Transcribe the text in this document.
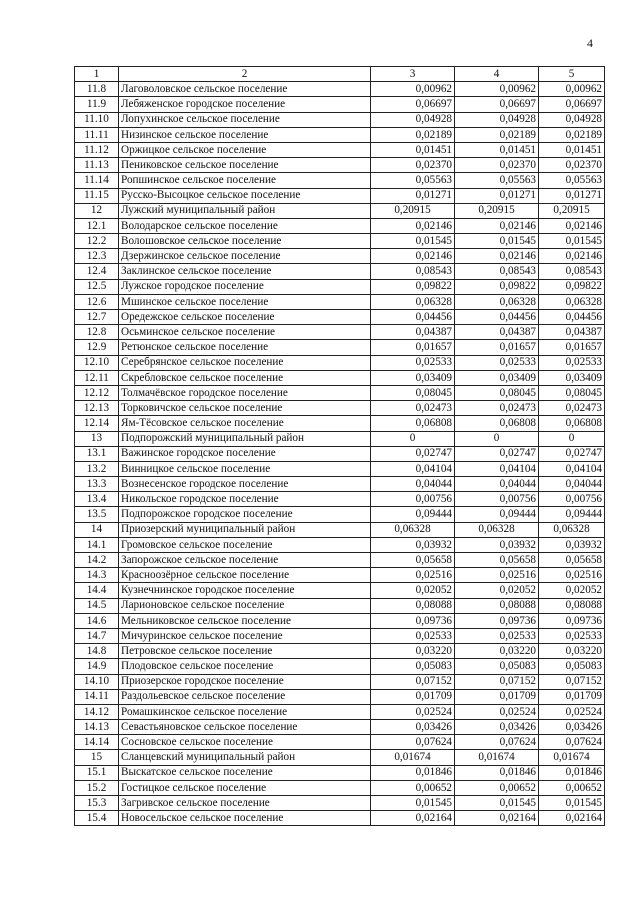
4
1	2	3	4	5
11.8	Лаговоловское сельское поселение	0,00962	0,00962	0,00962
11.9	Лебяженское городское поселение	0,06697	0,06697	0,06697
11.10	Лопухинское сельское поселение	0,04928	0,04928	0,04928
11.11	Низинское сельское поселение	0,02189	0,02189	0,02189
11.12	Оржицкое сельское поселение	0,01451	0,01451	0,01451
11.13	Пениковское сельское поселение	0,02370	0,02370	0,02370
11.14	Ропшинское сельское поселение	0,05563	0,05563	0,05563
11.15	Русско-Высоцкое сельское поселение	0,01271	0,01271	0,01271
12	Лужский муниципальный район	0,20915	0,20915	0,20915
12.1	Володарское сельское поселение	0,02146	0,02146	0,02146
12.2	Волошовское сельское поселение	0,01545	0,01545	0,01545
12.3	Дзержинское сельское поселение	0,02146	0,02146	0,02146
12.4	Заклинское сельское поселение	0,08543	0,08543	0,08543
12.5	Лужское городское поселение	0,09822	0,09822	0,09822
12.6	Мшинское сельское поселение	0,06328	0,06328	0,06328
12.7	Оредежское сельское поселение	0,04456	0,04456	0,04456
12.8	Осьминское сельское поселение	0,04387	0,04387	0,04387
12.9	Ретюнское сельское поселение	0,01657	0,01657	0,01657
12.10	Серебрянское сельское поселение	0,02533	0,02533	0,02533
12.11	Скребловское сельское поселение	0,03409	0,03409	0,03409
12.12	Толмачёвское городское поселение	0,08045	0,08045	0,08045
12.13	Торковичское сельское поселение	0,02473	0,02473	0,02473
12.14	Ям-Тёсовское сельское поселение	0,06808	0,06808	0,06808
13	Подпорожский муниципальный район	0	0	0
13.1	Важинское городское поселение	0,02747	0,02747	0,02747
13.2	Винницкое сельское поселение	0,04104	0,04104	0,04104
13.3	Вознесенское городское поселение	0,04044	0,04044	0,04044
13.4	Никольское городское поселение	0,00756	0,00756	0,00756
13.5	Подпорожское городское поселение	0,09444	0,09444	0,09444
14	Приозерский муниципальный район	0,06328	0,06328	0,06328
14.1	Громовское сельское поселение	0,03932	0,03932	0,03932
14.2	Запорожское сельское поселение	0,05658	0,05658	0,05658
14.3	Красноозёрное сельское поселение	0,02516	0,02516	0,02516
14.4	Кузнечнинское городское поселение	0,02052	0,02052	0,02052
14.5	Ларионовское сельское поселение	0,08088	0,08088	0,08088
14.6	Мельниковское сельское поселение	0,09736	0,09736	0,09736
14.7	Мичуринское сельское поселение	0,02533	0,02533	0,02533
14.8	Петровское сельское поселение	0,03220	0,03220	0,03220
14.9	Плодовское сельское поселение	0,05083	0,05083	0,05083
14.10	Приозерское городское поселение	0,07152	0,07152	0,07152
14.11	Раздольевское сельское поселение	0,01709	0,01709	0,01709
14.12	Ромашкинское сельское поселение	0,02524	0,02524	0,02524
14.13	Севастьяновское сельское поселение	0,03426	0,03426	0,03426
14.14	Сосновское сельское поселение	0,07624	0,07624	0,07624
15	Сланцевский муниципальный район	0,01674	0,01674	0,01674
15.1	Выскатское сельское поселение	0,01846	0,01846	0,01846
15.2	Гостицкое сельское поселение	0,00652	0,00652	0,00652
15.3	Загривское сельское поселение	0,01545	0,01545	0,01545
15.4	Новосельское сельское поселение	0,02164	0,02164	0,02164
